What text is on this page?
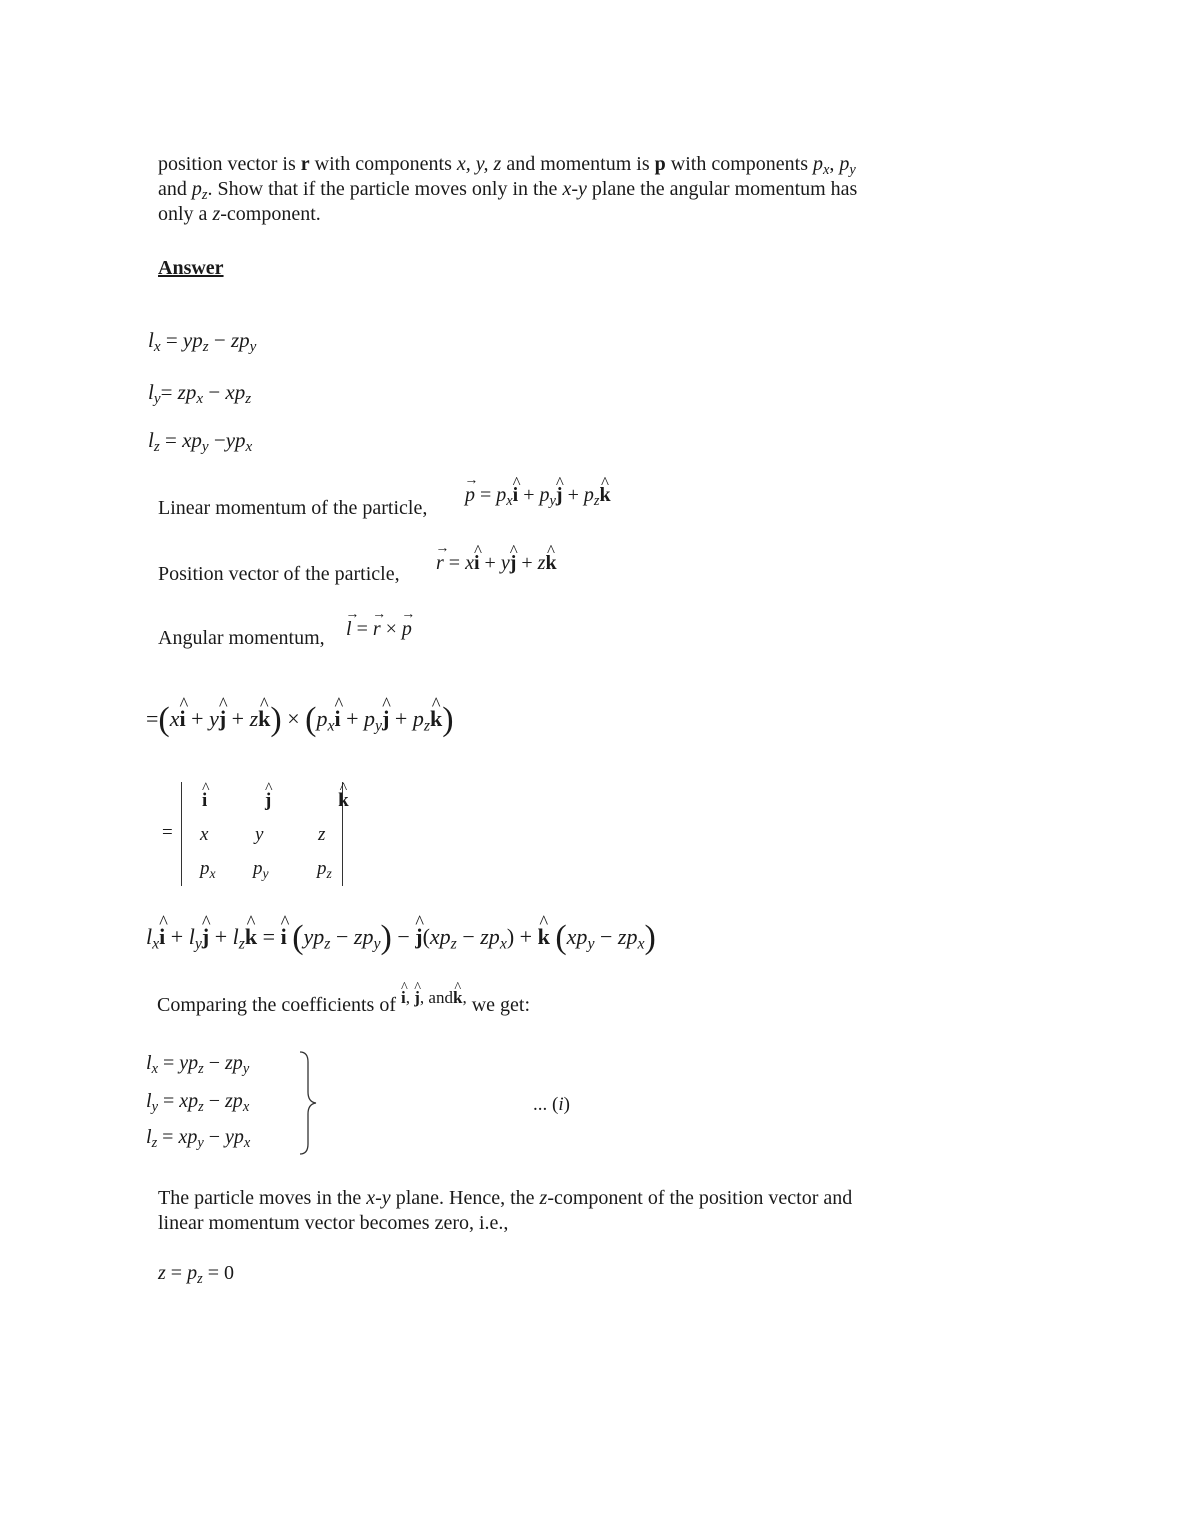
position vector is r with components x, y, z and momentum is p with components $p_x$, $p_y$
and $p_z$. Show that if the particle moves only in the x-y plane the angular momentum has
only a z-component.
Answer
$l_x = yp_z - zp_y$
$l_y= zp_x - xp_z$
$l_z = xp_y -yp_x$
Linear momentum of the particle,
p → = $p_xi$ ^ + $p_yj$ ^ + $p_zk$ ^
Position vector of the particle, r → = xi ^ + yj ^ + zk ^
Angular momentum, l → = r → × p →
=(xi ^ + yj ^ + zk ^) × ($p_xi$ ^ + $p_yj$ ^ + $p_zk$ ^)
=
i ^	j ^	k ^
x y	z
$p_x$ $p_y$	$p_z$
$l_xi$ ^ + $l_yj$ ^ + $l_zk$ ^ = i ^ $(yp_z - zp_y) - j$ $\^{}(xp_z - zp_x) + k$ ^ $(xp_y - zp_x)$
Comparing the coefficients of $^{i \^{}, j \^{}, andk \^{},}$ we get:
$l_x = yp_z - zp_y$
$l_y = xp_z - zp_x$
$l_z = xp_y - yp_x$
... (i)
The particle moves in the x-y plane. Hence, the z-component of the position vector and
linear momentum vector becomes zero, i.e.,
$z = p_z = 0$
